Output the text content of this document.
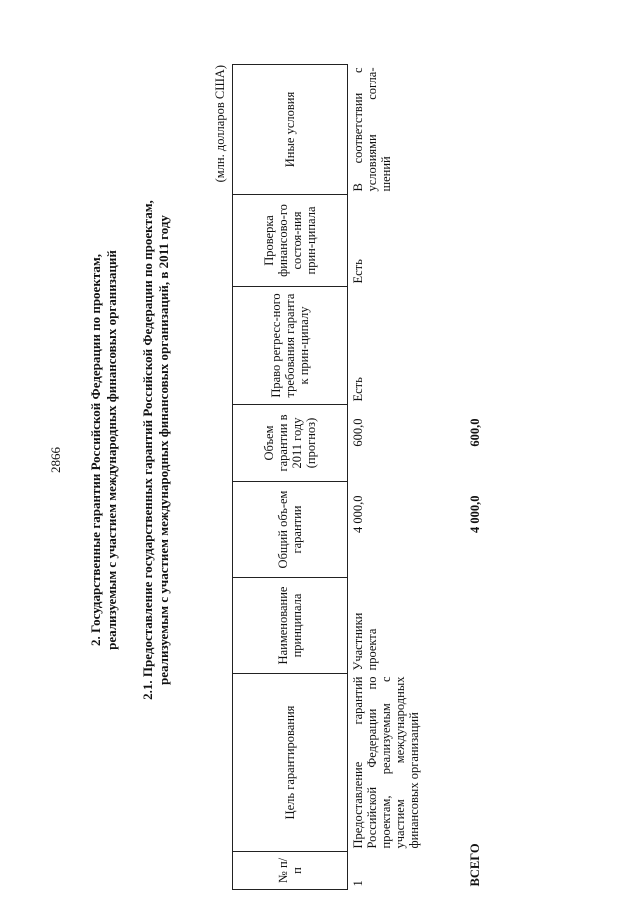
2866 2. Государственные гарантии Российской Федерации по проектам, реализуемым с участием международных финансовых организаций 2.1. Предоставление государственных гарантий Российской Федерации по проектам, реализуемым с участием международных финансовых организаций, в 2011 году
(млн. долларов США)
№ п/п	Цель гарантирования	Наименование принципала	Общий объ-ем гарантии	Объем гарантии в 2011 году (прогноз)	Право регресс-ного требования гаранта к прин-ципалу	Проверка финансово-го состоя-ния прин-ципала	Иные условия
1	Предоставление гарантий Российской Федерации по проектам, реализуемым с участием международных финансовых организаций	Участники проекта	4 000,0	600,0	Есть	Есть	В соответствии с условиями согла-шений
ВСЕГО			4 000,0	600,0			
